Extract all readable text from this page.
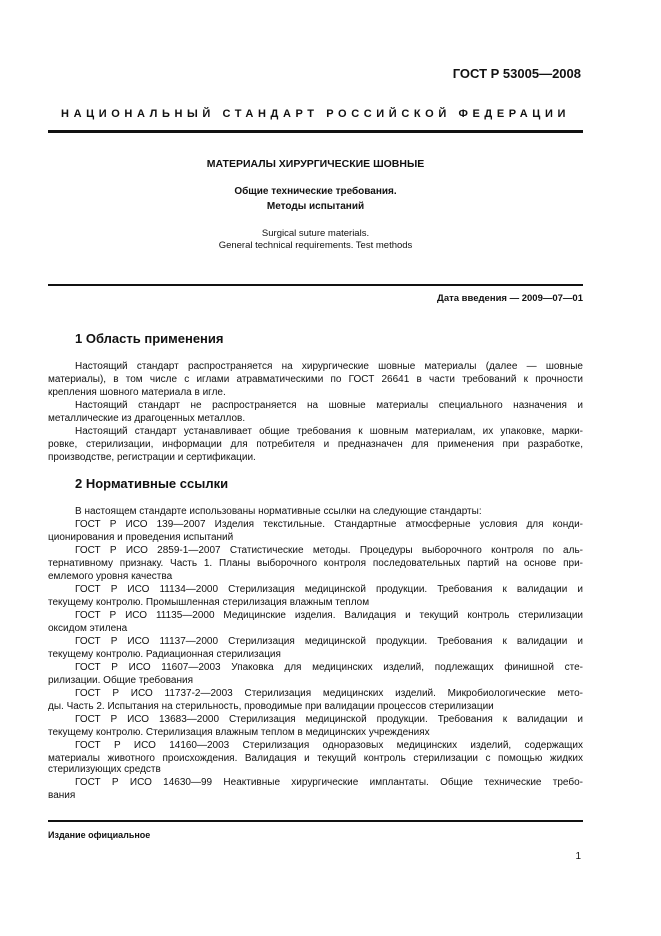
ГОСТ Р 53005—2008
НАЦИОНАЛЬНЫЙ СТАНДАРТ РОССИЙСКОЙ ФЕДЕРАЦИИ
МАТЕРИАЛЫ ХИРУРГИЧЕСКИЕ ШОВНЫЕ
Общие технические требования.
Методы испытаний
Surgical suture materials.
General technical requirements. Test methods
Дата введения — 2009—07—01
1 Область применения
Настоящий стандарт распространяется на хирургические шовные материалы (далее — шовные
материалы), в том числе с иглами атравматическими по ГОСТ 26641 в части требований к прочности
крепления шовного материала в игле.
Настоящий стандарт не распространяется на шовные материалы специального назначения и
металлические из драгоценных металлов.
Настоящий стандарт устанавливает общие требования к шовным материалам, их упаковке, марки-
ровке, стерилизации, информации для потребителя и предназначен для применения при разработке,
производстве, регистрации и сертификации.
2 Нормативные ссылки
В настоящем стандарте использованы нормативные ссылки на следующие стандарты:
ГОСТ Р ИСО 139—2007 Изделия текстильные. Стандартные атмосферные условия для конди-
ционирования и проведения испытаний
ГОСТ Р ИСО 2859-1—2007 Статистические методы. Процедуры выборочного контроля по аль-
тернативному признаку. Часть 1. Планы выборочного контроля последовательных партий на основе при-
емлемого уровня качества
ГОСТ Р ИСО 11134—2000 Стерилизация медицинской продукции. Требования к валидации и
текущему контролю. Промышленная стерилизация влажным теплом
ГОСТ Р ИСО 11135—2000 Медицинские изделия. Валидация и текущий контроль стерилизации
оксидом этилена
ГОСТ Р ИСО 11137—2000 Стерилизация медицинской продукции. Требования к валидации и
текущему контролю. Радиационная стерилизация
ГОСТ Р ИСО 11607—2003 Упаковка для медицинских изделий, подлежащих финишной сте-
рилизации. Общие требования
ГОСТ Р ИСО 11737-2—2003 Стерилизация медицинских изделий. Микробиологические мето-
ды. Часть 2. Испытания на стерильность, проводимые при валидации процессов стерилизации
ГОСТ Р ИСО 13683—2000 Стерилизация медицинской продукции. Требования к валидации и
текущему контролю. Стерилизация влажным теплом в медицинских учреждениях
ГОСТ Р ИСО 14160—2003 Стерилизация одноразовых медицинских изделий, содержащих
материалы животного происхождения. Валидация и текущий контроль стерилизации с помощью жидких
стерилизующих средств
ГОСТ Р ИСО 14630—99 Неактивные хирургические имплантаты. Общие технические требо-
вания
Издание официальное
1
